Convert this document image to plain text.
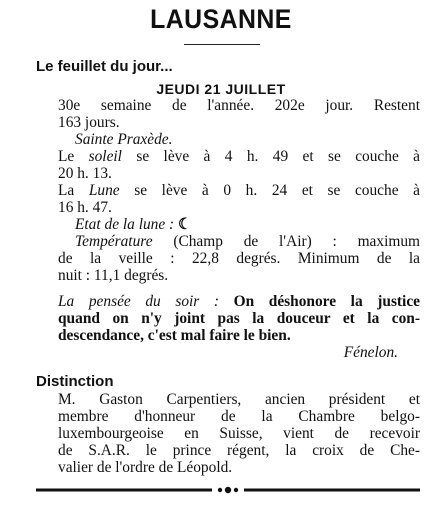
LAUSANNE
Le feuillet du jour...
JEUDI 21 JUILLET
30e semaine de l'année. 202e jour. Restent
163 jours.
Sainte Praxède.
Le soleil se lève à 4 h. 49 et se couche à
20 h. 13.
La Lune se lève à 0 h. 24 et se couche à
16 h. 47.
Etat de la lune : ☾
Température (Champ de l'Air) : maximum
de la veille : 22,8 degrés. Minimum de la
nuit : 11,1 degrés.
La pensée du soir : On déshonore la justice
quand on n'y joint pas la douceur et la con-
descendance, c'est mal faire le bien.
Fénelon.
Distinction
M. Gaston Carpentiers, ancien président et
membre d'honneur de la Chambre belgo-
luxembourgeoise en Suisse, vient de recevoir
de S.A.R. le prince régent, la croix de Che-
valier de l'ordre de Léopold.
